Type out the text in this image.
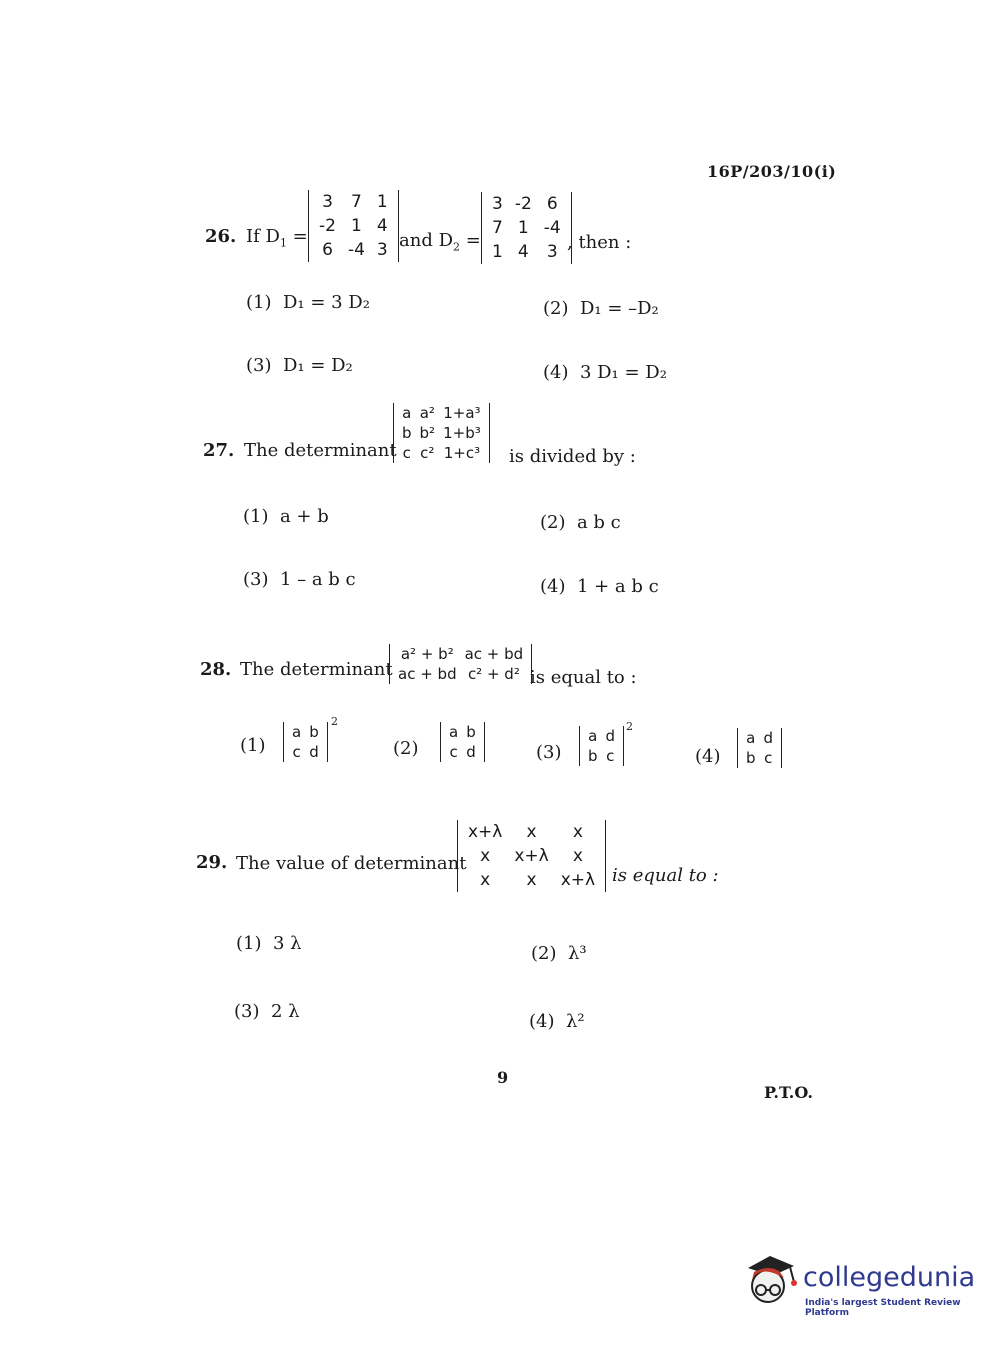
16P/203/10(i)
26. If $D_1$ =
3	7	1
-2	1	4
6	-4	3 and $D_2$ =
3	-2	6
7	1	-4
1	4	3 , then :
(1) D₁ = 3 D₂	(2) D₁ = –D₂
(3) D₁ = D₂	(4) 3 D₁ = D₂
27. The determinant
a	a²	1+a³
b	b²	1+b³
c	c²	1+c³ is divided by :
(1) a + b	(2) a b c
(3) 1 – a b c	(4) 1 + a b c
28. The determinant
a² + b²	ac + bd
ac + bd	c² + d² is equal to :
(1)
a	b
c	d
2
(2)
a	b
c	d	(3)
a	d
b	c
2
(4)
a	d
b	c
29. The value of determinant
x+λ	x	x
x	x+λ	x
x	x	x+λ is equal to :
(1) 3 λ	(2) λ³
(3) 2 λ	(4) λ²
9
P.T.O.
collegedunia
India's largest Student Review Platform
